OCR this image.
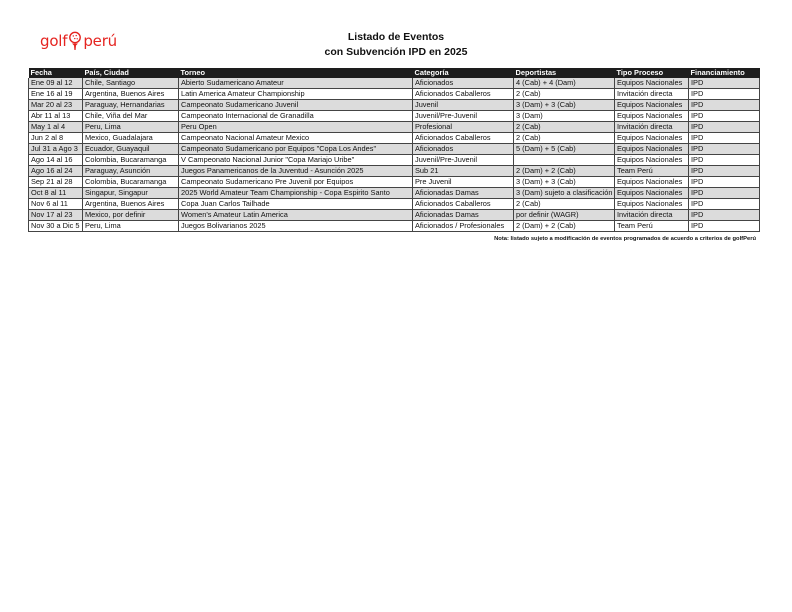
golf perú	Listado de Eventos
con Subvención IPD en 2025
Fecha	País, Ciudad	Torneo	Categoría	Deportistas	Tipo Proceso	Financiamiento
Ene 09 al 12	Chile, Santiago	Abierto Sudamericano Amateur	Aficionados	4 (Cab) + 4 (Dam)	Equipos Nacionales	IPD
Ene 16 al 19	Argentina, Buenos Aires	Latin America Amateur Championship	Aficionados Caballeros	2 (Cab)	Invitación directa	IPD
Mar 20 al 23	Paraguay, Hernandarias	Campeonato Sudamericano Juvenil	Juvenil	3 (Dam) + 3 (Cab)	Equipos Nacionales	IPD
Abr 11 al 13	Chile, Viña del Mar	Campeonato Internacional de Granadilla	Juvenil/Pre-Juvenil	3 (Dam)	Equipos Nacionales	IPD
May 1 al 4	Peru, Lima	Peru Open	Profesional	2 (Cab)	Invitación directa	IPD
Jun 2 al 8	Mexico, Guadalajara	Campeonato Nacional Amateur Mexico	Aficionados Caballeros	2 (Cab)	Equipos Nacionales	IPD
Jul 31 a Ago 3	Ecuador, Guayaquil	Campeonato Sudamericano por Equipos "Copa Los Andes"	Aficionados	5 (Dam) + 5 (Cab)	Equipos Nacionales	IPD
Ago 14 al 16	Colombia, Bucaramanga	V Campeonato Nacional Junior "Copa Mariajo Uribe"	Juvenil/Pre-Juvenil		Equipos Nacionales	IPD
Ago 16 al 24	Paraguay, Asunción	Juegos Panamericanos de la Juventud - Asunción 2025	Sub 21	2 (Dam) + 2 (Cab)	Team Perú	IPD
Sep 21 al 28	Colombia, Bucaramanga	Campeonato Sudamericano Pre Juvenil por Equipos	Pre Juvenil	3 (Dam) + 3 (Cab)	Equipos Nacionales	IPD
Oct 8 al 11	Singapur, Singapur	2025 World Amateur Team Championship - Copa Espirito Santo	Aficionadas Damas	3 (Dam) sujeto a clasificación	Equipos Nacionales	IPD
Nov 6 al 11	Argentina, Buenos Aires	Copa Juan Carlos Tailhade	Aficionados Caballeros	2 (Cab)	Equipos Nacionales	IPD
Nov 17 al 23	Mexico, por definir	Women's Amateur Latin America	Aficionadas Damas	por definir (WAGR)	Invitación directa	IPD
Nov 30 a Dic 5	Peru, Lima	Juegos Bolivarianos 2025	Aficionados / Profesionales	2 (Dam) + 2 (Cab)	Team Perú	IPD
Nota: listado sujeto a modificación de eventos programados de acuerdo a criterios de golfPerú
